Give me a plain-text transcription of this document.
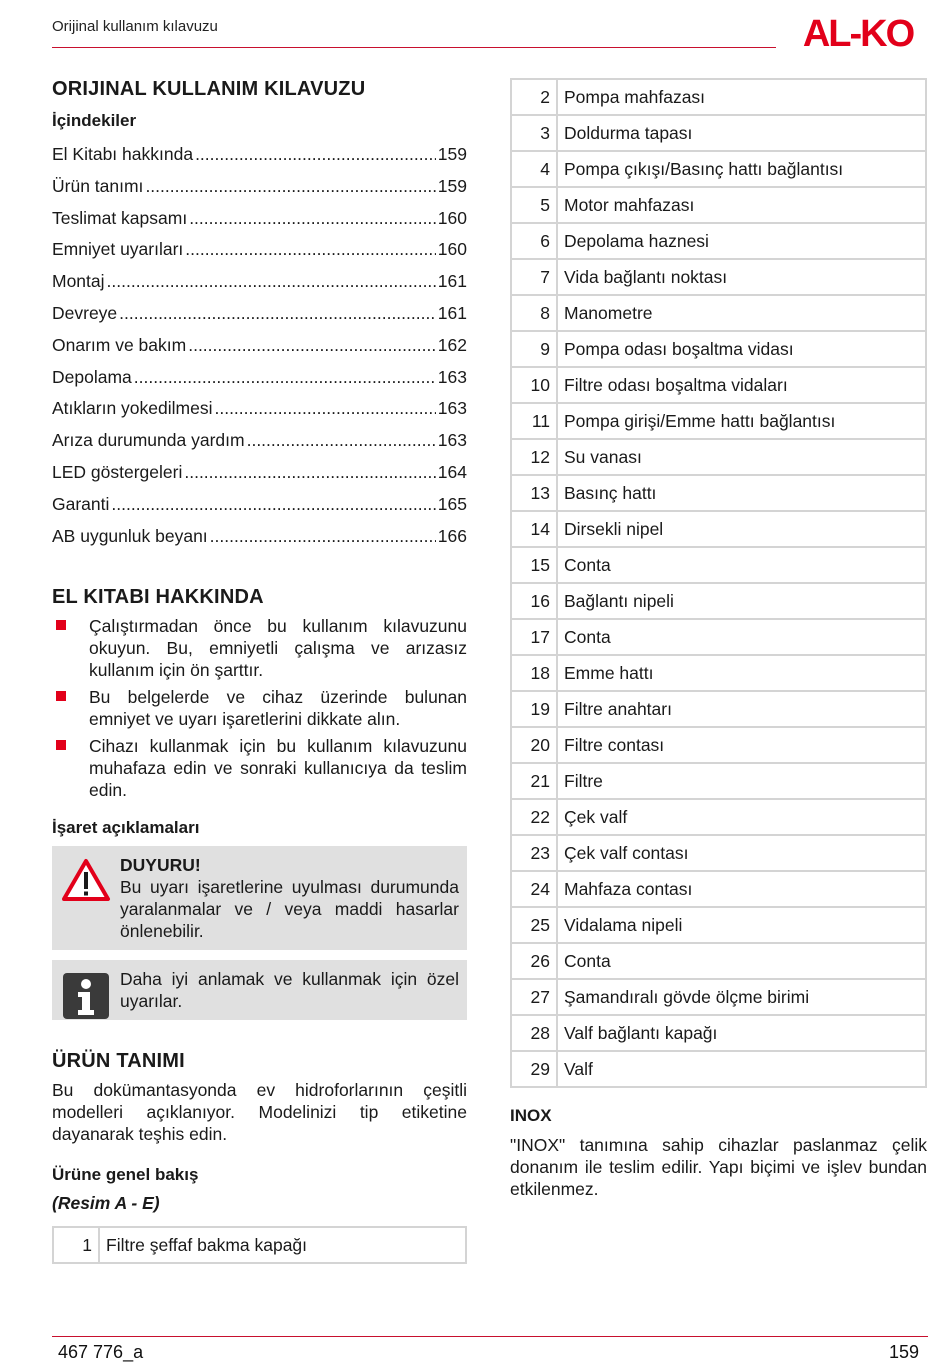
Orijinal kullanım kılavuzu	AL-KO
ORIJINAL KULLANIM KILAVUZU
İçindekiler
El Kitabı hakkında .....	159
Ürün tanımı .....	159
Teslimat kapsamı .....	160
Emniyet uyarıları .....	160
Montaj .....	161
Devreye .....	161
Onarım ve bakım .....	162
Depolama .....	163
Atıkların yokedilmesi .....	163
Arıza durumunda yardım .....	163
LED göstergeleri .....	164
Garanti .....	165
AB uygunluk beyanı .....	166
EL KITABI HAKKINDA
Çalıştırmadan önce bu kullanım kılavuzunu okuyun. Bu, emniyetli çalışma ve arızasız kullanım için ön şarttır.
Bu belgelerde ve cihaz üzerinde bulunan emniyet ve uyarı işaretlerini dikkate alın.
Cihazı kullanmak için bu kullanım kılavuzunu muhafaza edin ve sonraki kullanıcıya da teslim edin.
İşaret açıklamaları
DUYURU!
Bu uyarı işaretlerine uyulması durumunda yaralanmalar ve / veya maddi hasarlar önlenebilir.
Daha iyi anlamak ve kullanmak için özel uyarılar.
ÜRÜN TANIMI

Bu dokümantasyonda ev hidroforlarının çeşitli modelleri açıklanıyor. Modelinizi tip etiketine dayanarak teşhis edin.

Ürüne genel bakış
(Resim A - E)
1	Filtre şeffaf bakma kapağı
2	Pompa mahfazası
3	Doldurma tapası
4	Pompa çıkışı/Basınç hattı bağlantısı
5	Motor mahfazası
6	Depolama haznesi
7	Vida bağlantı noktası
8	Manometre
9	Pompa odası boşaltma vidası
10	Filtre odası boşaltma vidaları
11	Pompa girişi/Emme hattı bağlantısı
12	Su vanası
13	Basınç hattı
14	Dirsekli nipel
15	Conta
16	Bağlantı nipeli
17	Conta
18	Emme hattı
19	Filtre anahtarı
20	Filtre contası
21	Filtre
22	Çek valf
23	Çek valf contası
24	Mahfaza contası
25	Vidalama nipeli
26	Conta
27	Şamandıralı gövde ölçme birimi
28	Valf bağlantı kapağı
29	Valf
INOX

"INOX" tanımına sahip cihazlar paslanmaz çelik donanım ile teslim edilir. Yapı biçimi ve işlev bundan etkilenmez.

467 776_a	159
